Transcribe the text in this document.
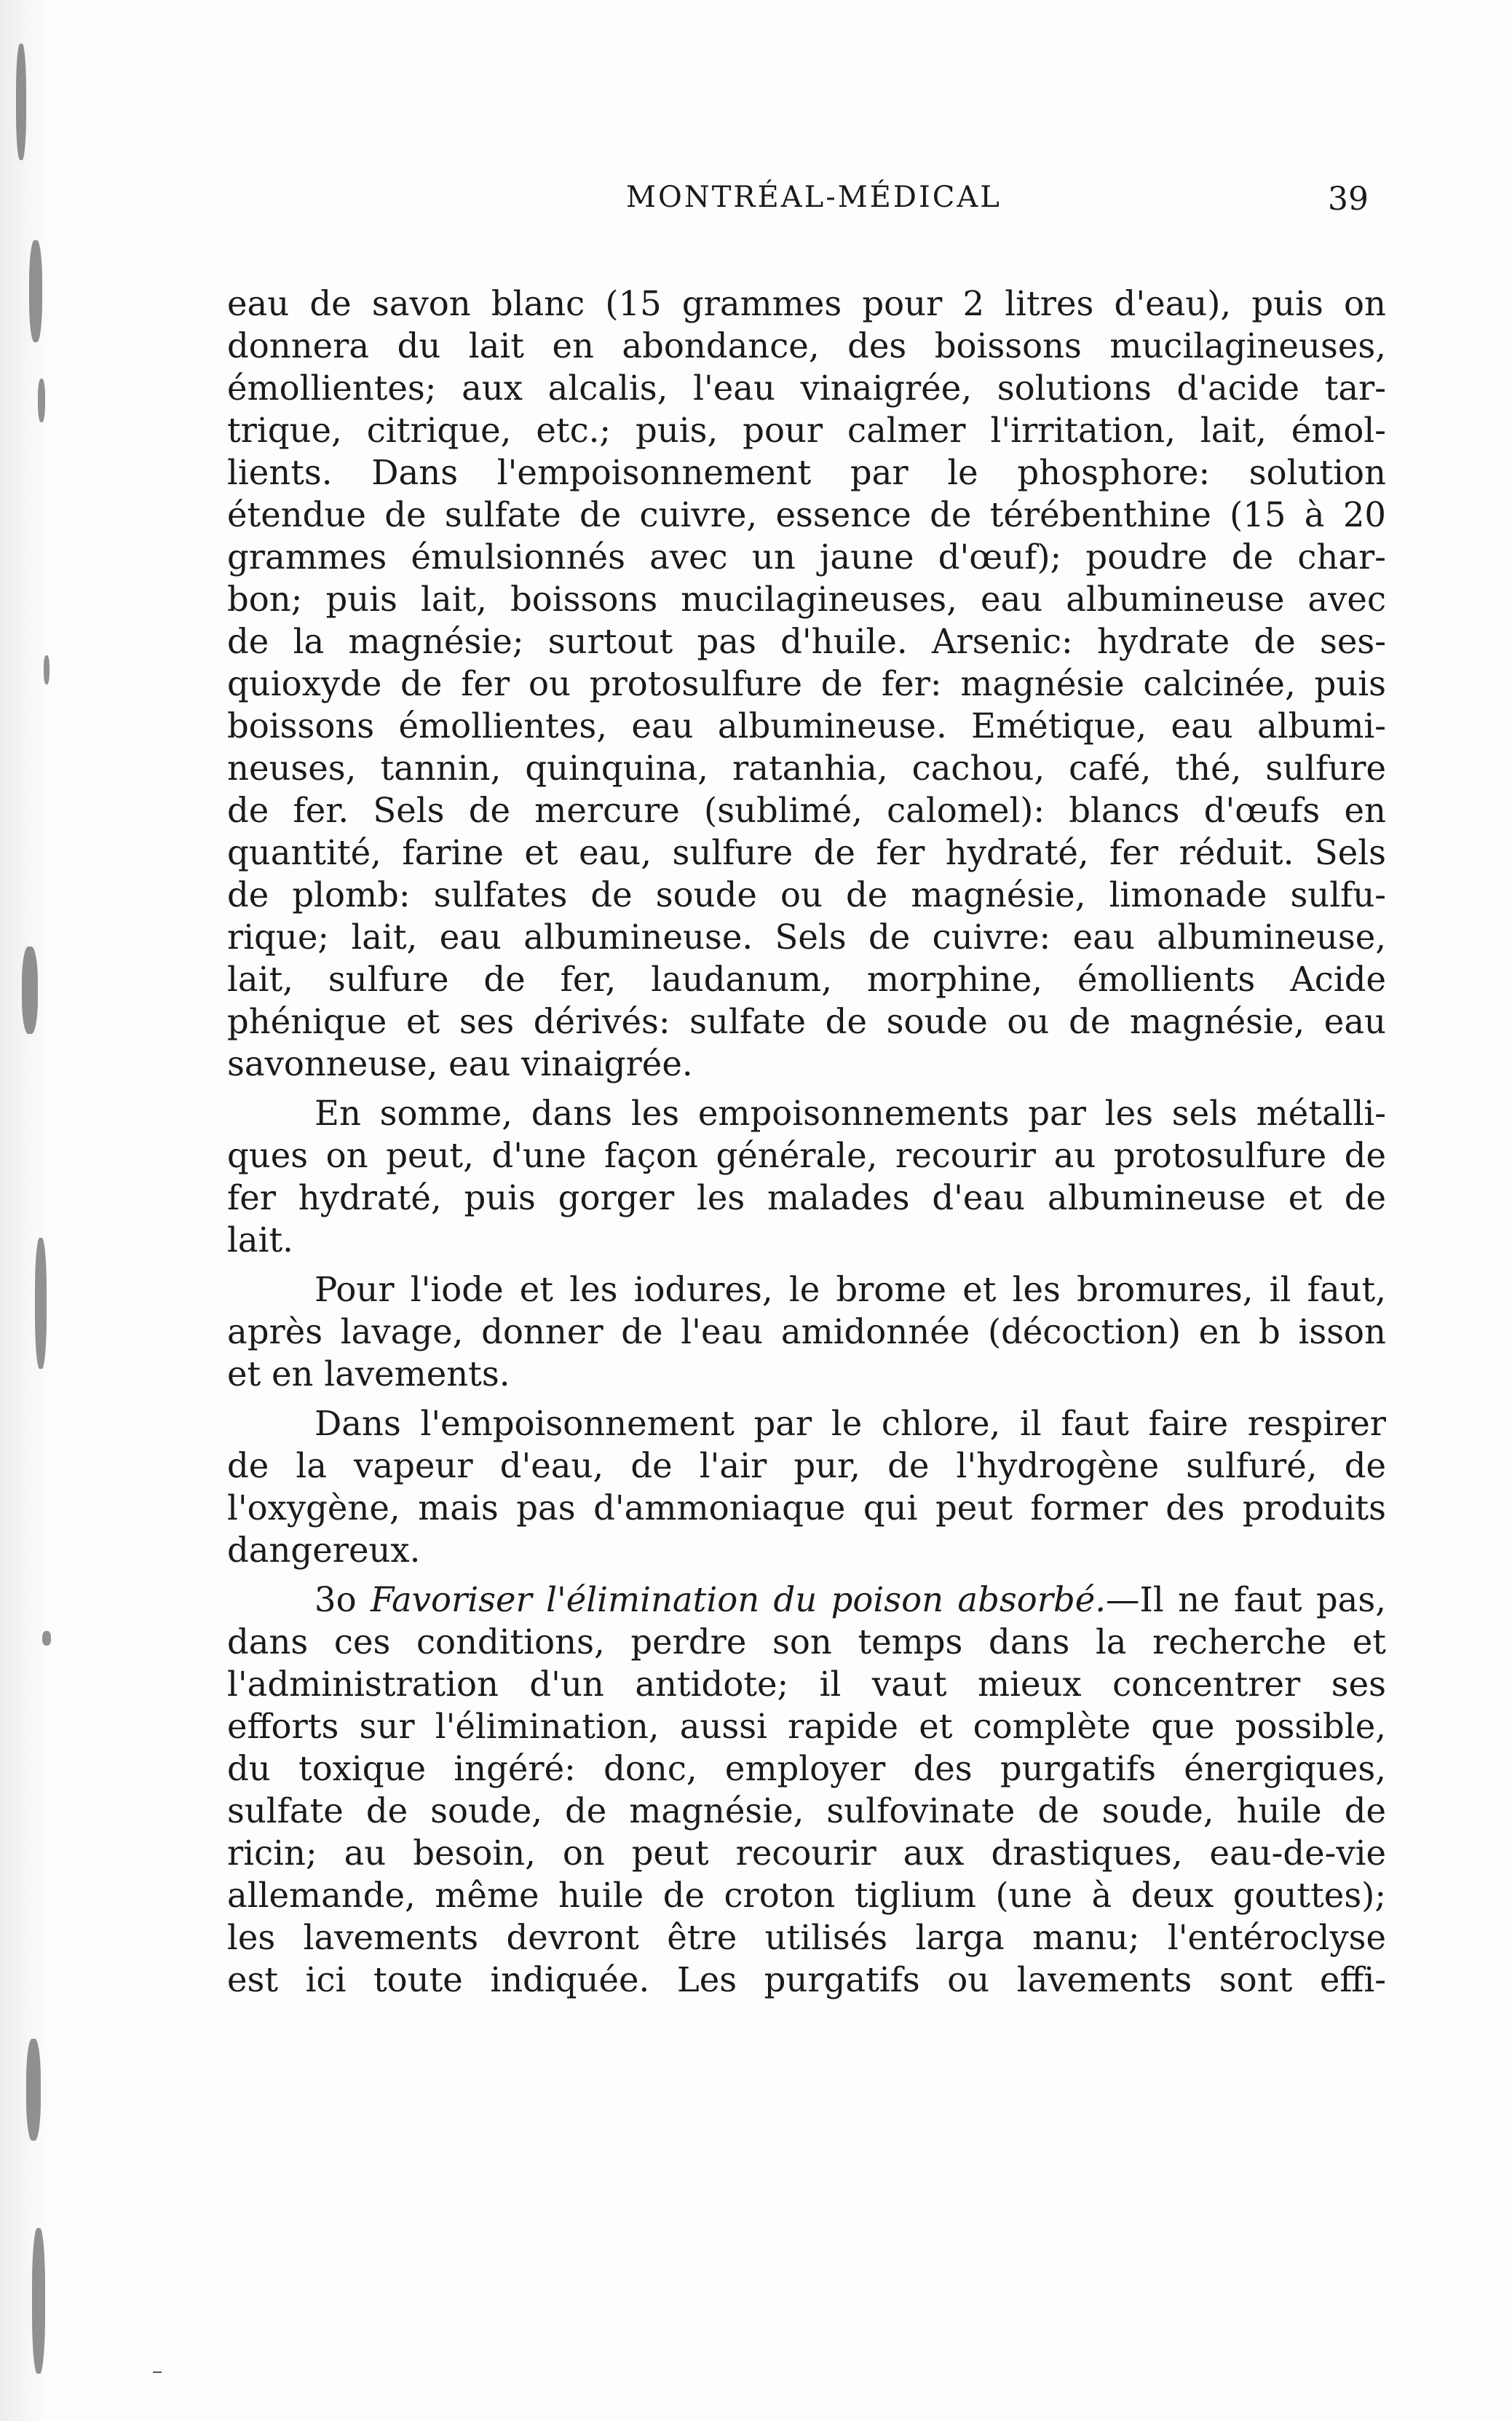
MONTRÉAL-MÉDICAL	39
eau de savon blanc (15 grammes pour 2 litres d'eau), puis on
donnera du lait en abondance, des boissons mucilagineuses,
émollientes; aux alcalis, l'eau vinaigrée, solutions d'acide tar-
trique, citrique, etc.; puis, pour calmer l'irritation, lait, émol-
lients. Dans l'empoisonnement par le phosphore: solution
étendue de sulfate de cuivre, essence de térébenthine (15 à 20
grammes émulsionnés avec un jaune d'œuf); poudre de char-
bon; puis lait, boissons mucilagineuses, eau albumineuse avec
de la magnésie; surtout pas d'huile. Arsenic: hydrate de ses-
quioxyde de fer ou protosulfure de fer: magnésie calcinée, puis
boissons émollientes, eau albumineuse. Emétique, eau albumi-
neuses, tannin, quinquina, ratanhia, cachou, café, thé, sulfure
de fer. Sels de mercure (sublimé, calomel): blancs d'œufs en
quantité, farine et eau, sulfure de fer hydraté, fer réduit. Sels
de plomb: sulfates de soude ou de magnésie, limonade sulfu-
rique; lait, eau albumineuse. Sels de cuivre: eau albumineuse,
lait, sulfure de fer, laudanum, morphine, émollients Acide
phénique et ses dérivés: sulfate de soude ou de magnésie, eau
savonneuse, eau vinaigrée.
En somme, dans les empoisonnements par les sels métalli-
ques on peut, d'une façon générale, recourir au protosulfure de
fer hydraté, puis gorger les malades d'eau albumineuse et de
lait.
Pour l'iode et les iodures, le brome et les bromures, il faut,
après lavage, donner de l'eau amidonnée (décoction) en b isson
et en lavements.
Dans l'empoisonnement par le chlore, il faut faire respirer
de la vapeur d'eau, de l'air pur, de l'hydrogène sulfuré, de
l'oxygène, mais pas d'ammoniaque qui peut former des produits
dangereux.
3o Favoriser l'élimination du poison absorbé.—Il ne faut pas,
dans ces conditions, perdre son temps dans la recherche et
l'administration d'un antidote; il vaut mieux concentrer ses
efforts sur l'élimination, aussi rapide et complète que possible,
du toxique ingéré: donc, employer des purgatifs énergiques,
sulfate de soude, de magnésie, sulfovinate de soude, huile de
ricin; au besoin, on peut recourir aux drastiques, eau-de-vie
allemande, même huile de croton tiglium (une à deux gouttes);
les lavements devront être utilisés larga manu; l'entéroclyse
est ici toute indiquée. Les purgatifs ou lavements sont effi-
